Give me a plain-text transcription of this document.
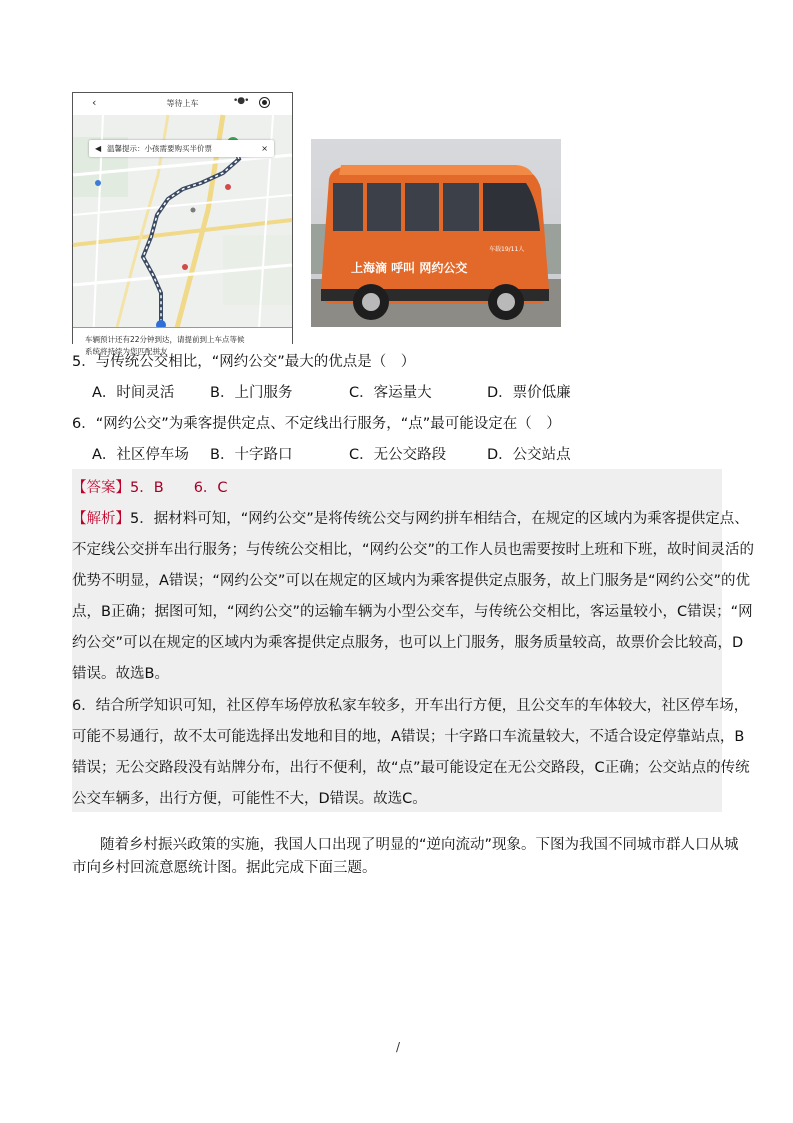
‹	等待上车	•●•
◀ 温馨提示：小孩需要购买半价票	×
车辆预计还有22分钟到达，请提前到上车点等候
系统将持续为您匹配拼友
上海滴 呼叫 网约公交
车载19/11人
5．与传统公交相比，“网约公交”最大的优点是（　）
A．时间灵活 B．上门服务	C．客运量大	D．票价低廉
6．“网约公交”为乘客提供定点、不定线出行服务，“点”最可能设定在（　）
A．社区停车场 B．十字路口	C．无公交路段	D．公交站点
【答案】5．B 6．C
【解析】5．据材料可知，“网约公交”是将传统公交与网约拼车相结合，在规定的区域内为乘客提供定点、
不定线公交拼车出行服务；与传统公交相比，“网约公交”的工作人员也需要按时上班和下班，故时间灵活的
优势不明显，A错误；“网约公交”可以在规定的区域内为乘客提供定点服务，故上门服务是“网约公交”的优
点，B正确；据图可知，“网约公交”的运输车辆为小型公交车，与传统公交相比，客运量较小，C错误；“网
约公交”可以在规定的区域内为乘客提供定点服务，也可以上门服务，服务质量较高，故票价会比较高，D
错误。故选B。
6．结合所学知识可知，社区停车场停放私家车较多，开车出行方便，且公交车的车体较大，社区停车场，
可能不易通行，故不太可能选择出发地和目的地，A错误；十字路口车流量较大，不适合设定停靠站点，B
错误；无公交路段没有站牌分布，出行不便利，故“点”最可能设定在无公交路段，C正确；公交站点的传统
公交车辆多，出行方便，可能性不大，D错误。故选C。
随着乡村振兴政策的实施，我国人口出现了明显的“逆向流动”现象。下图为我国不同城市群人口从城
市向乡村回流意愿统计图。据此完成下面三题。
/
